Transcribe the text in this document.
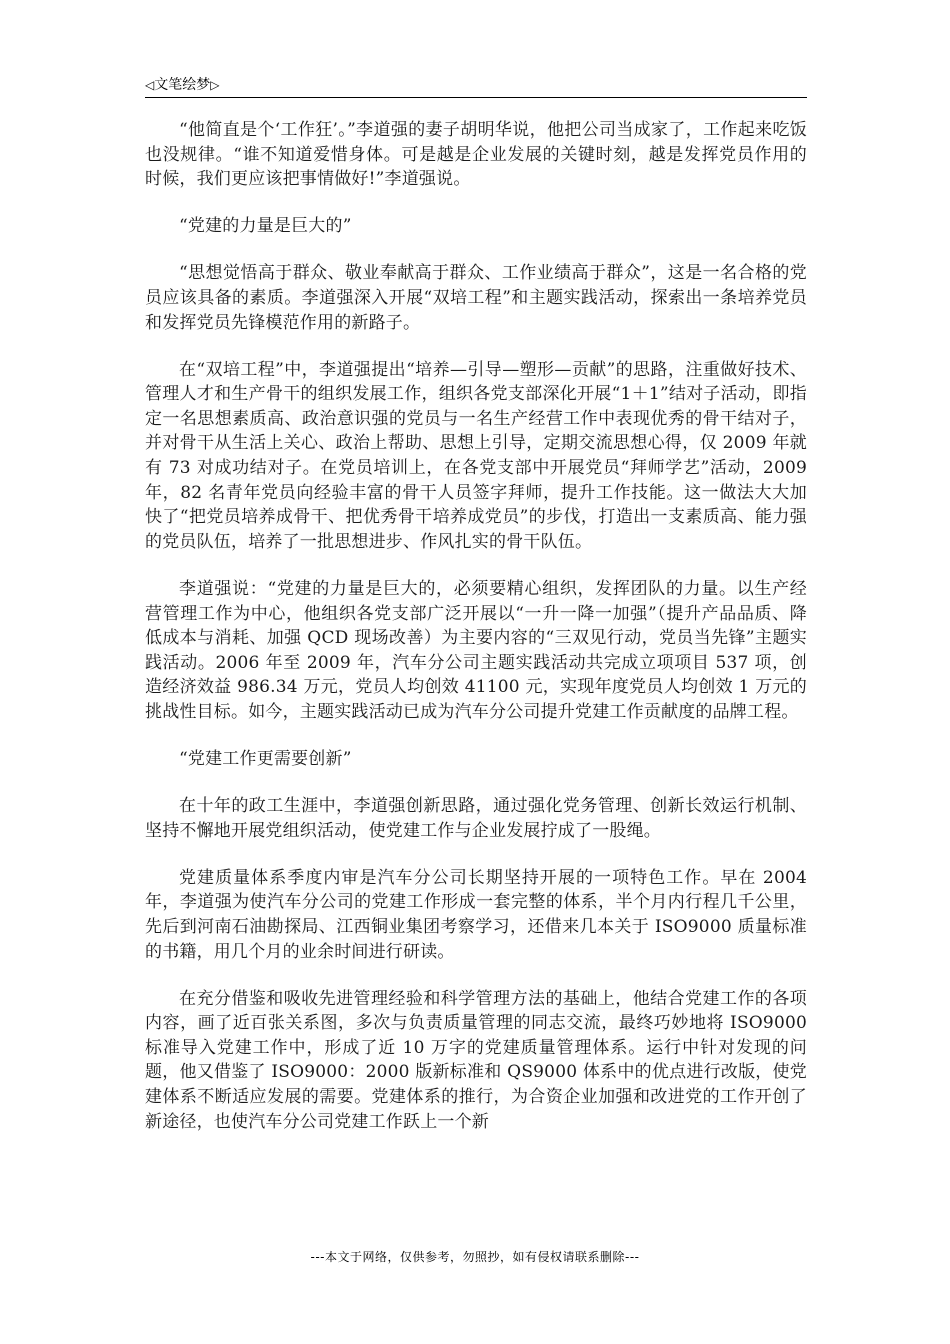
◁文笔绘梦▷

“他简直是个‘工作狂’。”李道强的妻子胡明华说，他把公司当成家了，工作起来吃饭也没规律。“谁不知道爱惜身体。可是越是企业发展的关键时刻，越是发挥党员作用的时候，我们更应该把事情做好!”李道强说。

“党建的力量是巨大的”

“思想觉悟高于群众、敬业奉献高于群众、工作业绩高于群众”，这是一名合格的党员应该具备的素质。李道强深入开展“双培工程”和主题实践活动，探索出一条培养党员和发挥党员先锋模范作用的新路子。

在“双培工程”中，李道强提出“培养—引导—塑形—贡献”的思路，注重做好技术、管理人才和生产骨干的组织发展工作，组织各党支部深化开展“1＋1”结对子活动，即指定一名思想素质高、政治意识强的党员与一名生产经营工作中表现优秀的骨干结对子，并对骨干从生活上关心、政治上帮助、思想上引导，定期交流思想心得，仅 2009 年就有 73 对成功结对子。在党员培训上，在各党支部中开展党员“拜师学艺”活动，2009 年，82 名青年党员向经验丰富的骨干人员签字拜师，提升工作技能。这一做法大大加快了“把党员培养成骨干、把优秀骨干培养成党员”的步伐，打造出一支素质高、能力强的党员队伍，培养了一批思想进步、作风扎实的骨干队伍。

李道强说：“党建的力量是巨大的，必须要精心组织，发挥团队的力量。以生产经营管理工作为中心，他组织各党支部广泛开展以“一升一降一加强”（提升产品品质、降低成本与消耗、加强 QCD 现场改善）为主要内容的“三双见行动，党员当先锋”主题实践活动。2006 年至 2009 年，汽车分公司主题实践活动共完成立项项目 537 项，创造经济效益 986.34 万元，党员人均创效 41100 元，实现年度党员人均创效 1 万元的挑战性目标。如今，主题实践活动已成为汽车分公司提升党建工作贡献度的品牌工程。

“党建工作更需要创新”

在十年的政工生涯中，李道强创新思路，通过强化党务管理、创新长效运行机制、坚持不懈地开展党组织活动，使党建工作与企业发展拧成了一股绳。

党建质量体系季度内审是汽车分公司长期坚持开展的一项特色工作。早在 2004 年，李道强为使汽车分公司的党建工作形成一套完整的体系，半个月内行程几千公里，先后到河南石油勘探局、江西铜业集团考察学习，还借来几本关于 ISO9000 质量标准的书籍，用几个月的业余时间进行研读。

在充分借鉴和吸收先进管理经验和科学管理方法的基础上，他结合党建工作的各项内容，画了近百张关系图，多次与负责质量管理的同志交流，最终巧妙地将 ISO9000 标准导入党建工作中，形成了近 10 万字的党建质量管理体系。运行中针对发现的问题，他又借鉴了 ISO9000：2000 版新标准和 QS9000 体系中的优点进行改版，使党建体系不断适应发展的需要。党建体系的推行，为合资企业加强和改进党的工作开创了新途径，也使汽车分公司党建工作跃上一个新

---本文于网络，仅供参考，勿照抄，如有侵权请联系删除---
